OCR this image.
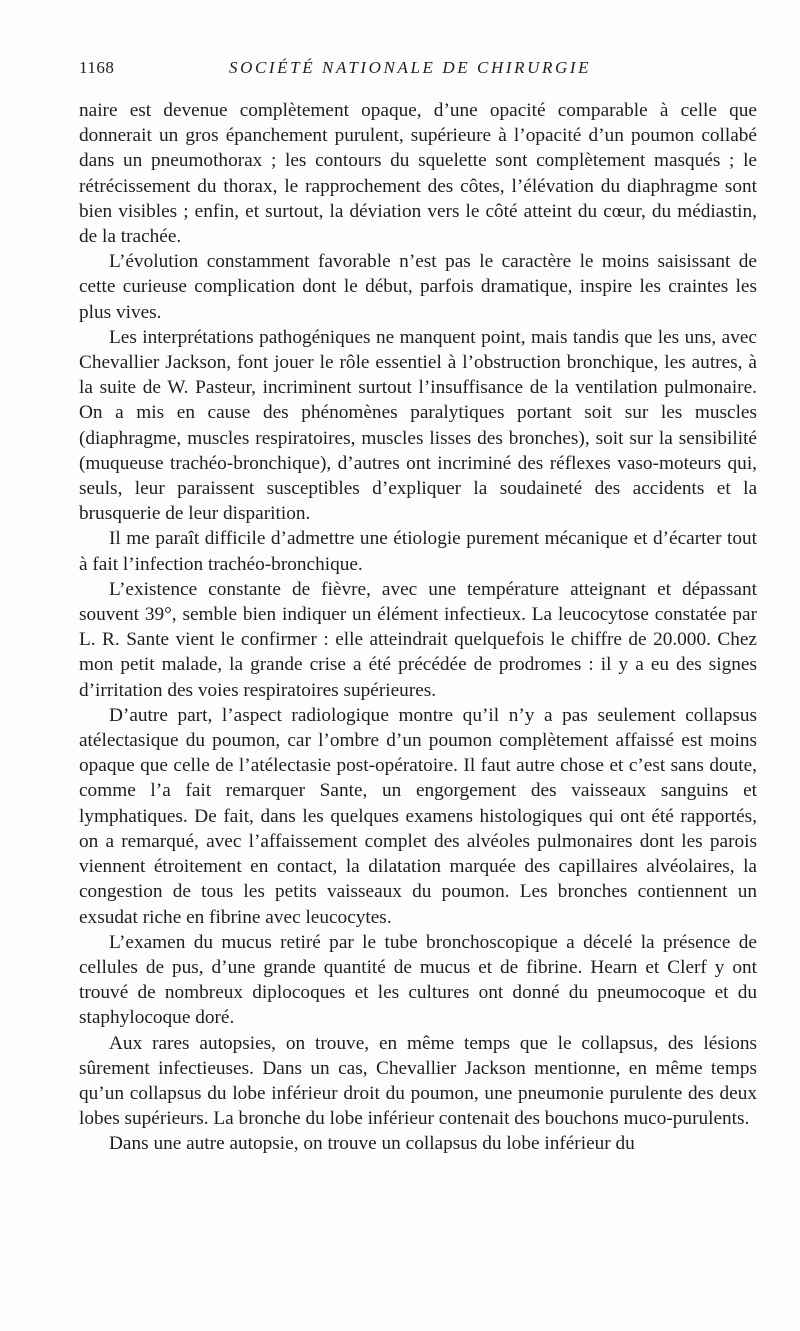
1168	SOCIÉTÉ NATIONALE DE CHIRURGIE

naire est devenue complètement opaque, d’une opacité comparable à celle que donnerait un gros épanchement purulent, supérieure à l’opacité d’un poumon collabé dans un pneumothorax ; les contours du squelette sont complètement masqués ; le rétrécissement du thorax, le rapprochement des côtes, l’élévation du diaphragme sont bien visibles ; enfin, et surtout, la déviation vers le côté atteint du cœur, du médiastin, de la trachée.

L’évolution constamment favorable n’est pas le caractère le moins saisissant de cette curieuse complication dont le début, parfois dramatique, inspire les craintes les plus vives.

Les interprétations pathogéniques ne manquent point, mais tandis que les uns, avec Chevallier Jackson, font jouer le rôle essentiel à l’obstruction bronchique, les autres, à la suite de W. Pasteur, incriminent surtout l’insuffisance de la ventilation pulmonaire. On a mis en cause des phénomènes paralytiques portant soit sur les muscles (diaphragme, muscles respiratoires, muscles lisses des bronches), soit sur la sensibilité (muqueuse trachéo-bronchique), d’autres ont incriminé des réflexes vaso-moteurs qui, seuls, leur paraissent susceptibles d’expliquer la soudaineté des accidents et la brusquerie de leur disparition.

Il me paraît difficile d’admettre une étiologie purement mécanique et d’écarter tout à fait l’infection trachéo-bronchique.

L’existence constante de fièvre, avec une température atteignant et dépassant souvent 39°, semble bien indiquer un élément infectieux. La leucocytose constatée par L. R. Sante vient le confirmer : elle atteindrait quelquefois le chiffre de 20.000. Chez mon petit malade, la grande crise a été précédée de prodromes : il y a eu des signes d’irritation des voies respiratoires supérieures.

D’autre part, l’aspect radiologique montre qu’il n’y a pas seulement collapsus atélectasique du poumon, car l’ombre d’un poumon complètement affaissé est moins opaque que celle de l’atélectasie post-opératoire. Il faut autre chose et c’est sans doute, comme l’a fait remarquer Sante, un engorgement des vaisseaux sanguins et lymphatiques. De fait, dans les quelques examens histologiques qui ont été rapportés, on a remarqué, avec l’affaissement complet des alvéoles pulmonaires dont les parois viennent étroitement en contact, la dilatation marquée des capillaires alvéolaires, la congestion de tous les petits vaisseaux du poumon. Les bronches contiennent un exsudat riche en fibrine avec leucocytes.

L’examen du mucus retiré par le tube bronchoscopique a décelé la présence de cellules de pus, d’une grande quantité de mucus et de fibrine. Hearn et Clerf y ont trouvé de nombreux diplocoques et les cultures ont donné du pneumocoque et du staphylocoque doré.

Aux rares autopsies, on trouve, en même temps que le collapsus, des lésions sûrement infectieuses. Dans un cas, Chevallier Jackson mentionne, en même temps qu’un collapsus du lobe inférieur droit du poumon, une pneumonie purulente des deux lobes supérieurs. La bronche du lobe inférieur contenait des bouchons muco-purulents.

Dans une autre autopsie, on trouve un collapsus du lobe inférieur du
